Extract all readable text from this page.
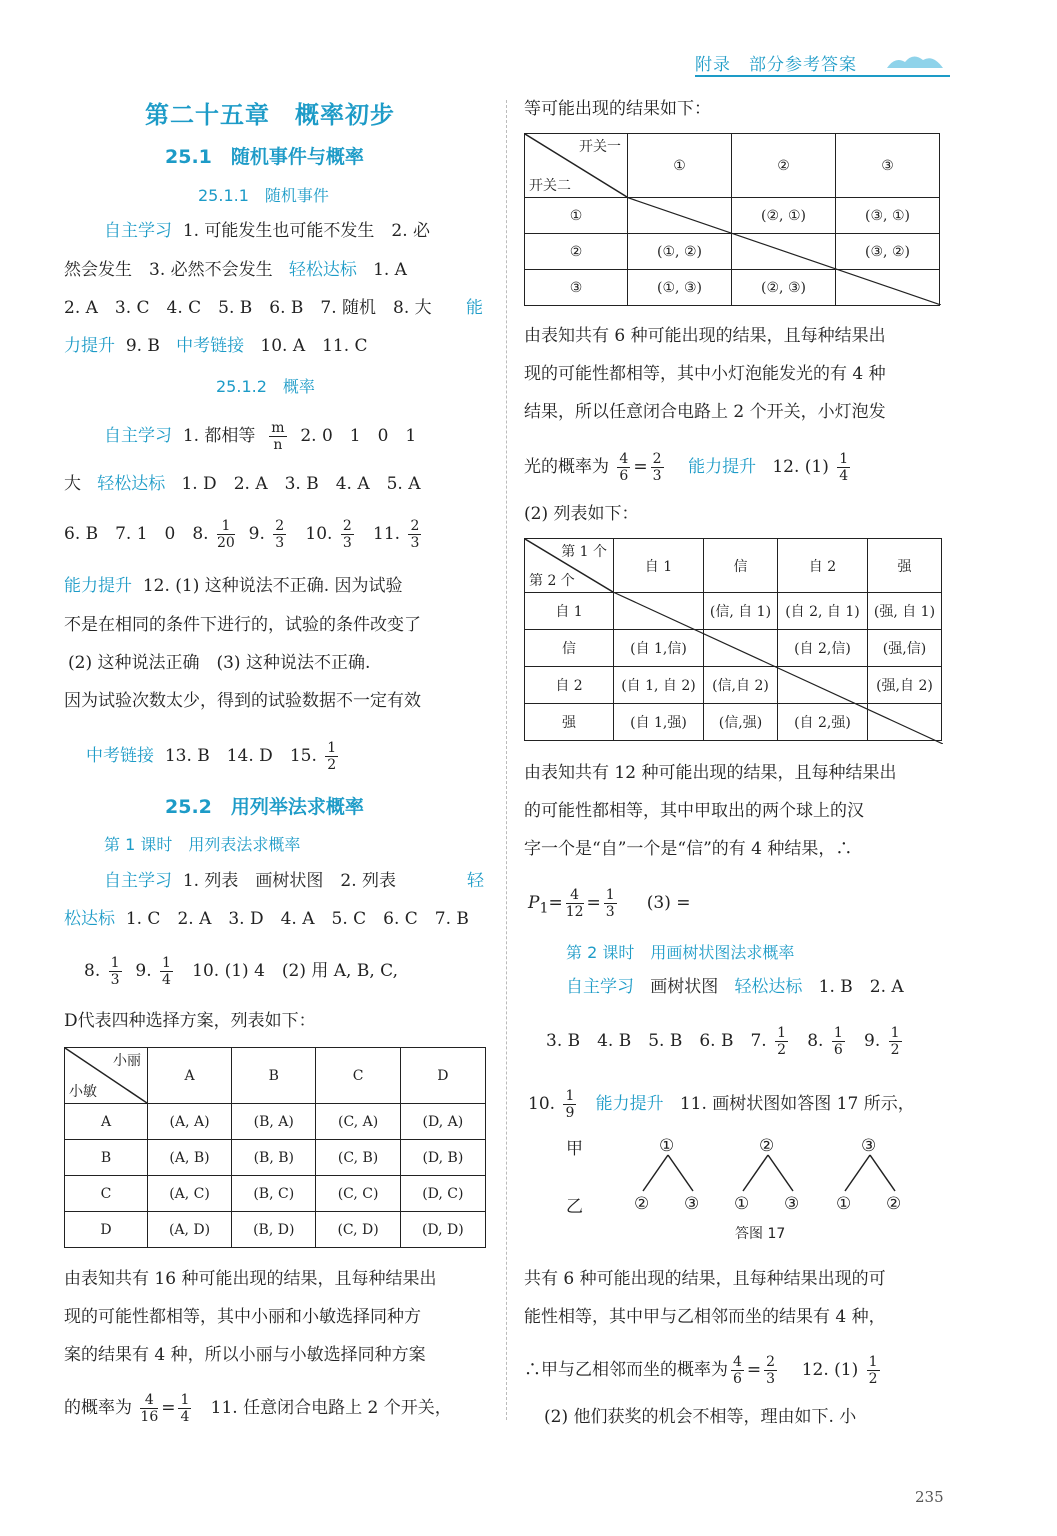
附录　部分参考答案
第二十五章　概率初步
25.1　随机事件与概率
25.1.1　随机事件
自主学习 1. 可能发生也可能不发生　2. 必
然会发生　3. 必然不会发生 轻松达标 1. A
2. A　3. C　4. C　5. B　6. B　7. 随机　8. 大 能
力提升 9. B 中考链接 10. A　11. C
25.1.2　概率
自主学习 1. 都相等 $\frac{m}{n} 2$. 0　1　0　1
大 轻松达标 1. D　2. A　3. B　4. A　5. A
6. B　7. 1　0　8. $\frac{1}{20} 9$. $\frac{2}{3} 10$. $\frac{2}{3} 11$. $\frac{2}{3}$
能力提升 12. (1) 这种说法不正确. 因为试验
不是在相同的条件下进行的，试验的条件改变了
(2) 这种说法正确　(3) 这种说法不正确.
因为试验次数太少，得到的试验数据不一定有效
中考链接 13. B　14. D　15. $\frac{1}{2}$
25.2　用列举法求概率
第 1 课时　用列表法求概率
自主学习 1. 列表　画树状图　2. 列表	轻
松达标 1. C　2. A　3. D　4. A　5. C　6. C　7. B
8. $\frac{1}{3} 9$. $\frac{1}{4} 10$. (1) 4　(2) 用 A, B, C,
D代表四种选择方案，列表如下：
小丽
小敏	A	B	C	D
A	(A, A)	(B, A)	(C, A)	(D, A)
B	(A, B)	(B, B)	(C, B)	(D, B)
C	(A, C)	(B, C)	(C, C)	(D, C)
D	(A, D)	(B, D)	(C, D)	(D, D)
由表知共有 16 种可能出现的结果，且每种结果出
现的可能性都相等，其中小丽和小敏选择同种方
案的结果有 4 种，所以小丽与小敏选择同种方案
的概率为 $\frac{4}{16} = \frac{1}{4} 11$. 任意闭合电路上 2 个开关，
等可能出现的结果如下：
开关一
开关二	①	②	③
①		(②, ①)	(③, ①)
②	(①, ②)		(③, ②)
③	(①, ③)	(②, ③)	
由表知共有 6 种可能出现的结果，且每种结果出
现的可能性都相等，其中小灯泡能发光的有 4 种
结果，所以任意闭合电路上 2 个开关，小灯泡发
光的概率为 $\frac{4}{6} = \frac{2}{3}$ 能力提升 12. $(1) \frac{1}{4}$
(2) 列表如下：
第 1 个
第 2 个	自 1	信	自 2	强
自 1		(信, 自 1)	(自 2, 自 1)	(强, 自 1)
信	(自 1,信)		(自 2,信)	(强,信)
自 2	(自 1, 自 2)	(信,自 2)		(强,自 2)
强	(自 1,强)	(信,强)	(自 2,强)	
由表知共有 12 种可能出现的结果，且每种结果出
的可能性都相等，其中甲取出的两个球上的汉
字一个是“自”一个是“信”的有 4 种结果，∴
$P_1= \frac{4}{12} = \frac{1}{3} (3)$ =
第 2 课时　用画树状图法求概率
自主学习 画树状图 轻松达标 1. B　2. A
3. B　4. B　5. B　6. B　7. $\frac{1}{2} 8$. $\frac{1}{6} 9$. $\frac{1}{2}$
10. $\frac{1}{9}$ 能力提升 11. 画树状图如答图 17 所示，
甲
乙
①	②	③
② ③ ① ③ ① ②
答图 17
共有 6 种可能出现的结果，且每种结果出现的可
能性相等，其中甲与乙相邻而坐的结果有 4 种，
∴甲与乙相邻而坐的概率为 $\frac{4}{6} = \frac{2}{3} 12$. $(1) \frac{1}{2}$
(2) 他们获奖的机会不相等，理由如下. 小
235
